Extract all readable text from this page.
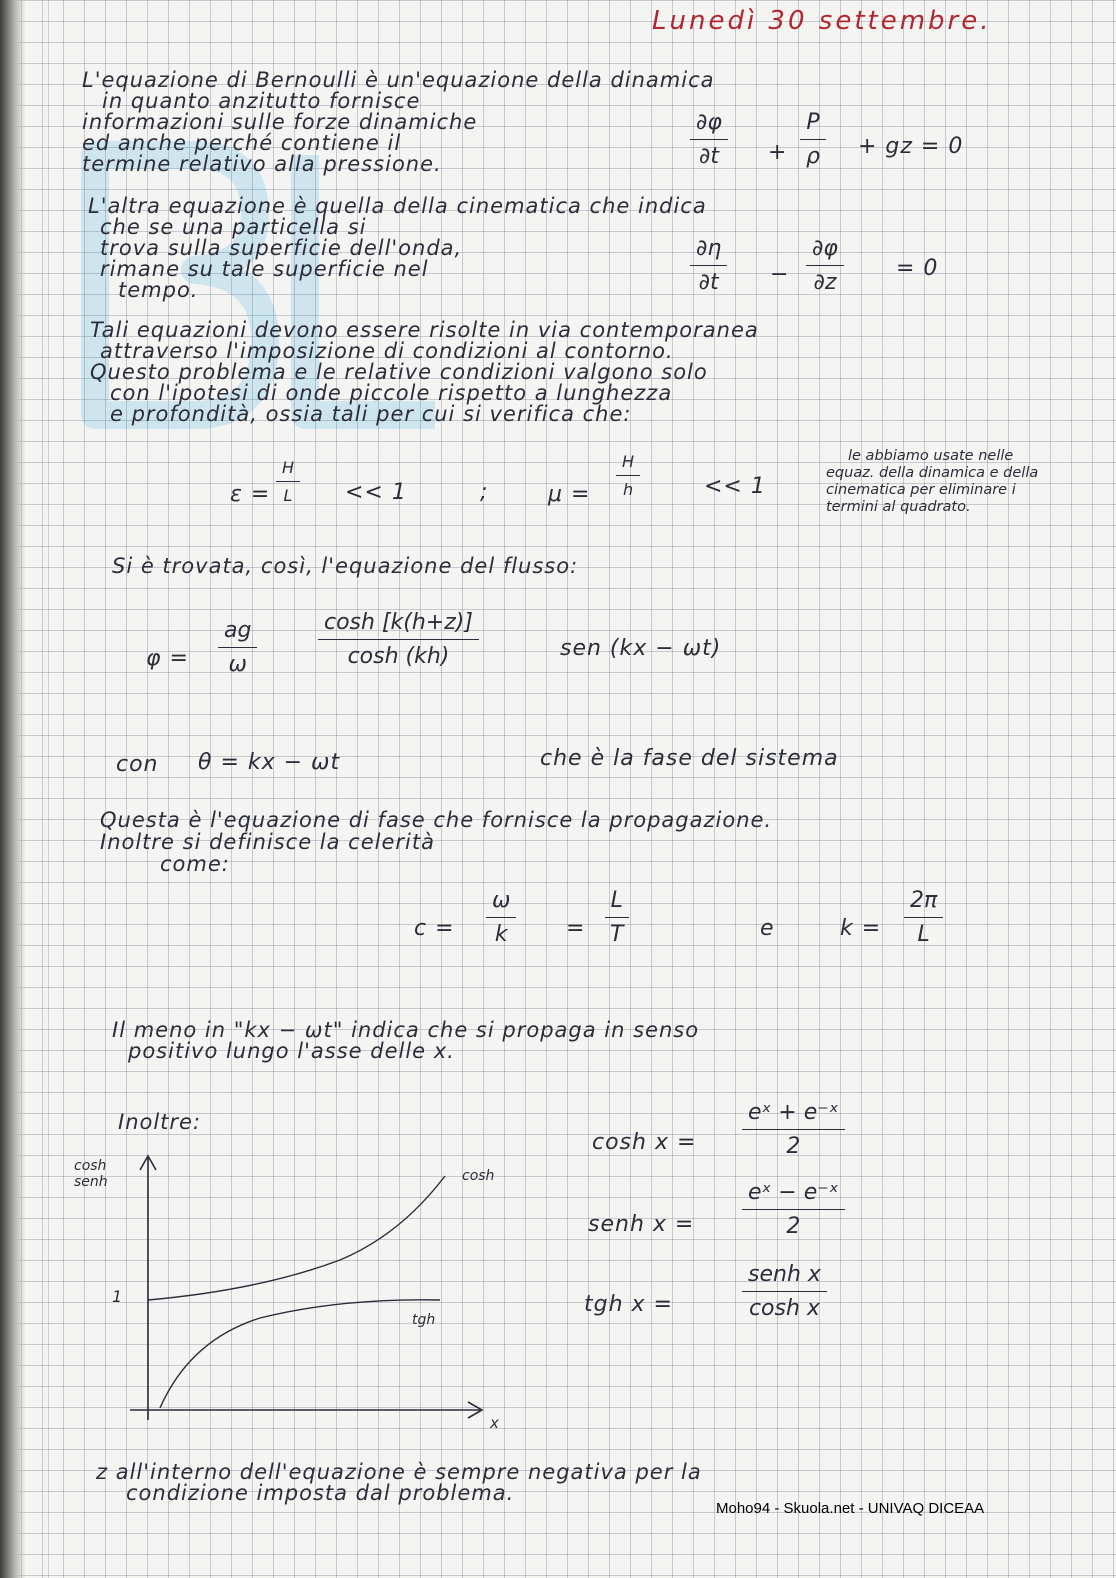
Lunedì 30 settembre.
L'equazione di Bernoulli è un'equazione della dinamica
in quanto anzitutto fornisce
informazioni sulle forze dinamiche
ed anche perché contiene il
termine relativo alla pressione.	$\frac{\partial\varphi}{\partial t} + \frac{P}{\rho}$ + gz = 0
L'altra equazione è quella della cinematica che indica
che se una particella si
trova sulla superficie dell'onda,
rimane su tale superficie nel
tempo.	$\frac{\partial\eta}{\partial t} - \frac{\partial\varphi}{\partial z} = 0$
Tali equazioni devono essere risolte in via contemporanea
attraverso l'imposizione di condizioni al contorno.
Questo problema e le relative condizioni valgono solo
con l'ipotesi di onde piccole rispetto a lunghezza
e profondità, ossia tali per cui si verifica che:
$\varepsilon = \frac{H}{L} << 1$	;	$\mu = \frac{H}{h}$	<< 1
le abbiamo usate nelle
equaz. della dinamica e della
cinematica per eliminare i
termini al quadrato.
Si è trovata, così, l'equazione del flusso:
$\varphi = \frac{ag}{\omega}$	$\frac{\cosh [k(h+z)]}{\cosh (kh)}$	sen (kx − ωt)
con θ = kx − ωt	che è la fase del sistema
Questa è l'equazione di fase che fornisce la propagazione.
Inoltre si definisce la celerità
come:
$c = \frac{\omega}{k} = \frac{L}{T}$	e	$k = \frac{2\pi}{L}$
Il meno in "kx − ωt" indica che si propaga in senso
positivo lungo l'asse delle x.
Inoltre:
$\cosh x = \frac{\text{eˣ + e⁻ˣ}}{2}$
senh $x = \frac{\text{eˣ − e⁻ˣ}}{2}$
tgh x =
senh x
cosh x
cosh
senh
1
cosh
tgh
x
z all'interno dell'equazione è sempre negativa per la
condizione imposta dal problema.
Moho94 - Skuola.net - UNIVAQ DICEAA
